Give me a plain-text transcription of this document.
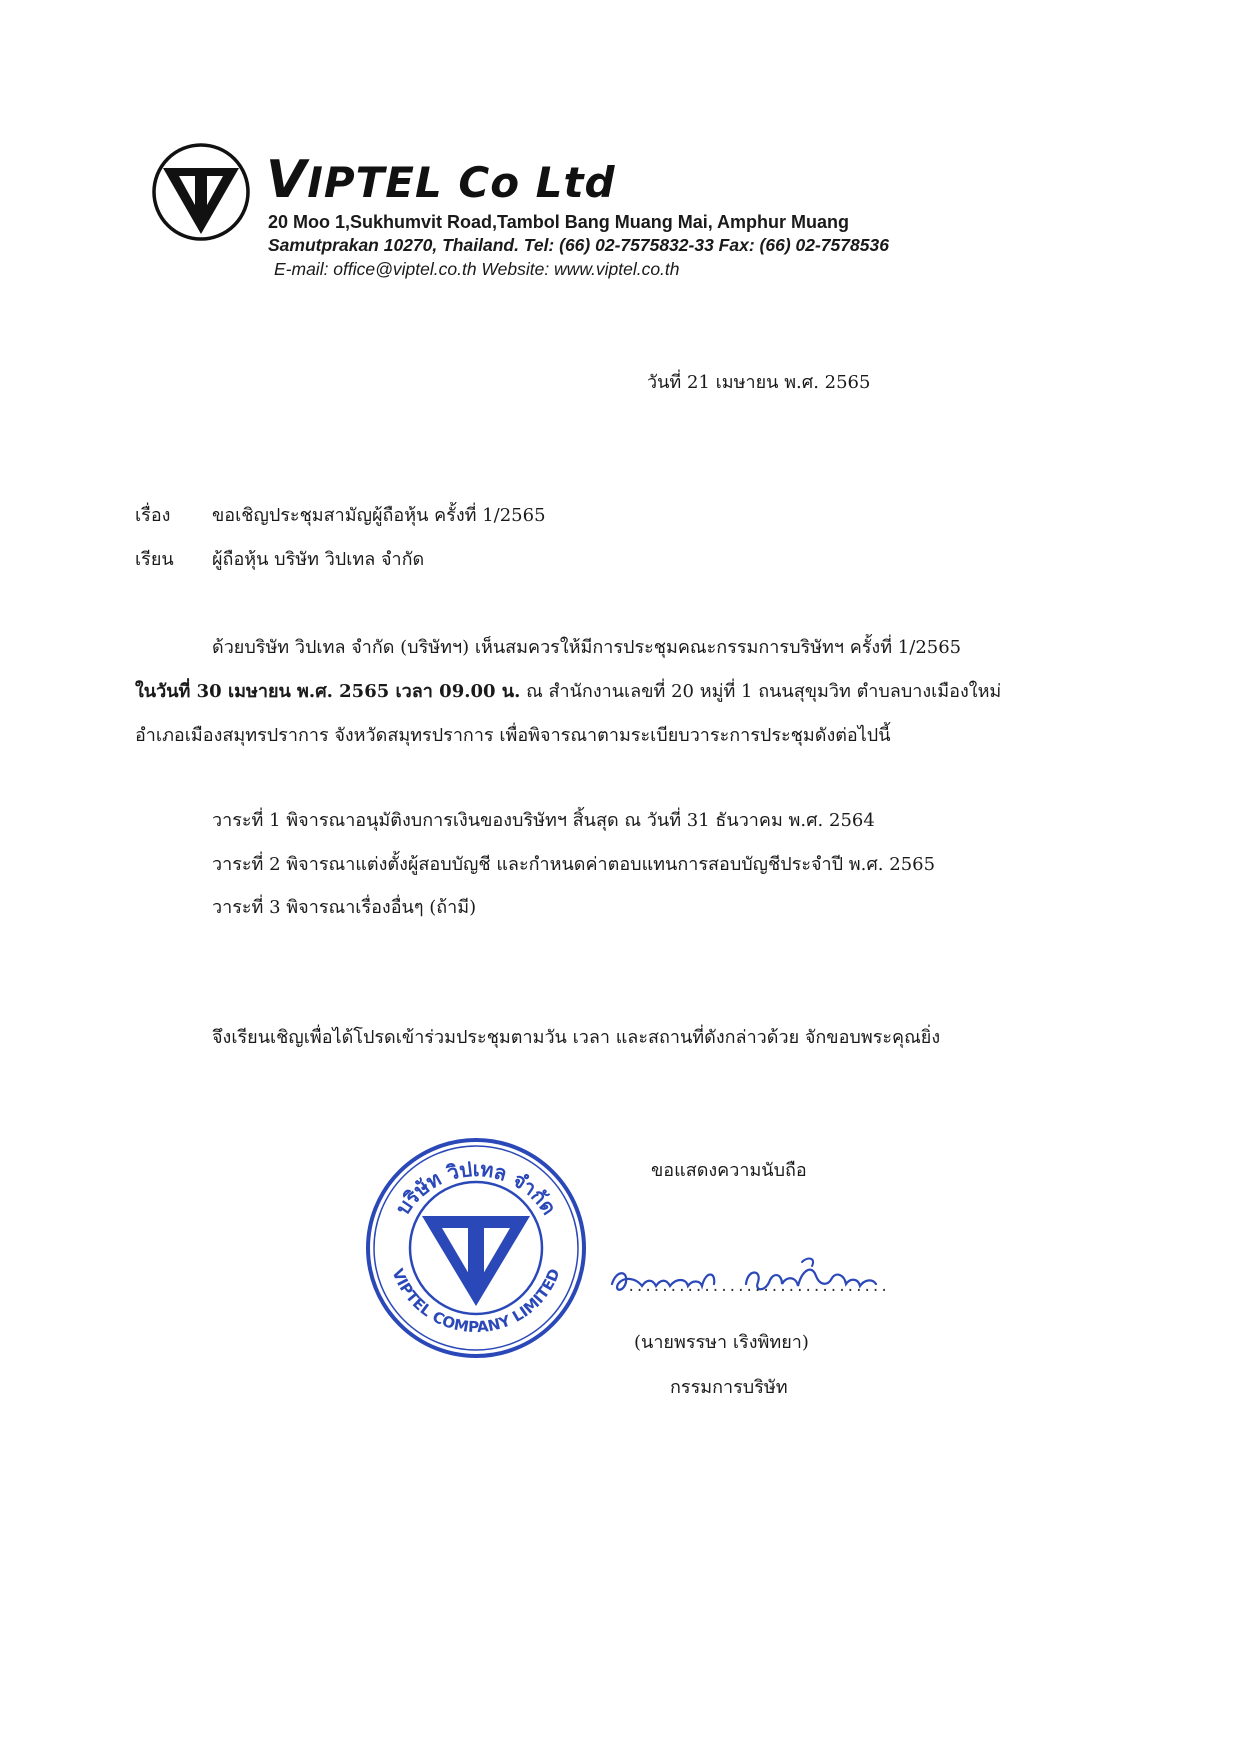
VIPTEL Co Ltd
20 Moo 1,Sukhumvit Road,Tambol Bang Muang Mai, Amphur Muang
Samutprakan 10270, Thailand. Tel: (66) 02-7575832-33 Fax: (66) 02-7578536
E-mail: office@viptel.co.th Website: www.viptel.co.th
วันที่ 21 เมษายน พ.ศ. 2565
เรื่อง ขอเชิญประชุมสามัญผู้ถือหุ้น ครั้งที่ 1/2565
เรียน ผู้ถือหุ้น บริษัท วิปเทล จำกัด
ด้วยบริษัท วิปเทล จำกัด (บริษัทฯ) เห็นสมควรให้มีการประชุมคณะกรรมการบริษัทฯ ครั้งที่ 1/2565
ในวันที่ 30 เมษายน พ.ศ. 2565 เวลา 09.00 น. ณ สำนักงานเลขที่ 20 หมู่ที่ 1 ถนนสุขุมวิท ตำบลบางเมืองใหม่
อำเภอเมืองสมุทรปราการ จังหวัดสมุทรปราการ เพื่อพิจารณาตามระเบียบวาระการประชุมดังต่อไปนี้
วาระที่ 1 พิจารณาอนุมัติงบการเงินของบริษัทฯ สิ้นสุด ณ วันที่ 31 ธันวาคม พ.ศ. 2564
วาระที่ 2 พิจารณาแต่งตั้งผู้สอบบัญชี และกำหนดค่าตอบแทนการสอบบัญชีประจำปี พ.ศ. 2565
วาระที่ 3 พิจารณาเรื่องอื่นๆ (ถ้ามี)
จึงเรียนเชิญเพื่อได้โปรดเข้าร่วมประชุมตามวัน เวลา และสถานที่ดังกล่าวด้วย จักขอบพระคุณยิ่ง
บริษัท วิปเทล จำกัด
VIPTEL COMPANY LIMITED
ขอแสดงความนับถือ
...............................
(นายพรรษา เริงพิทยา)
กรรมการบริษัท
